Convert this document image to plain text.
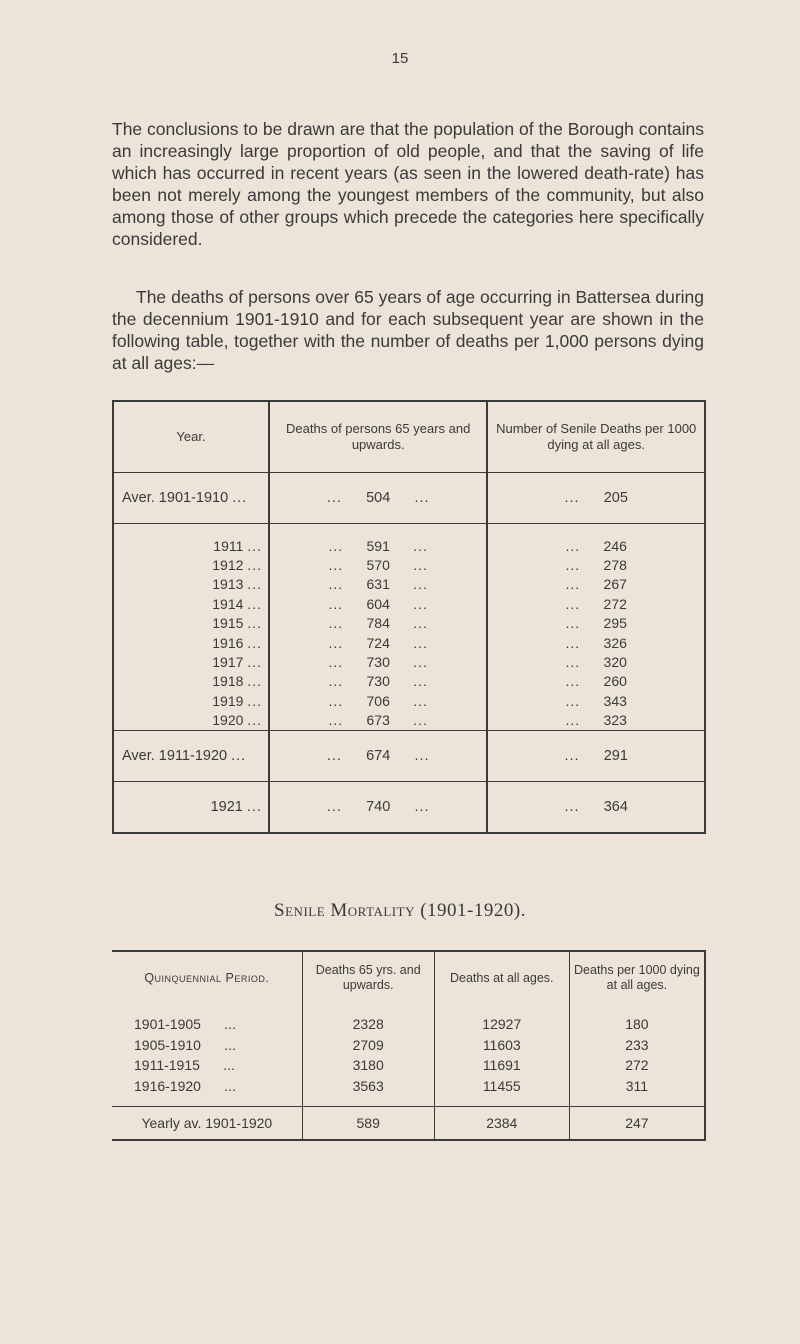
15

The conclusions to be drawn are that the population of the Borough contains an increasingly large proportion of old people, and that the saving of life which has occurred in recent years (as seen in the lowered death-rate) has been not merely among the youngest members of the community, but also among those of other groups which precede the categories here specifically considered.

The deaths of persons over 65 years of age occurring in Battersea during the decennium 1901-1910 and for each subsequent year are shown in the following table, together with the number of deaths per 1,000 persons dying at all ages:—

Year.	Deaths of persons 65 years and upwards.	Number of Senile Deaths per 1000 dying at all ages.
Aver. 1901-1910 ...	... 504 ...	... 205

1911 ...	... 591 ...	... 246
1912 ...	... 570 ...	... 278
1913 ...	... 631 ...	... 267
1914 ...	... 604 ...	... 272
1915 ...	... 784 ...	... 295
1916 ...	... 724 ...	... 326
1917 ...	... 730 ...	... 320
1918 ...	... 730 ...	... 260
1919 ...	... 706 ...	... 343
1920 ...	... 673 ...	... 323
Aver. 1911-1920 ...	... 674 ...	... 291
1921 ...	... 740 ...	... 364
Senile Mortality (1901-1920).
Quinquennial Period.	Deaths 65 yrs. and upwards.	Deaths at all ages.	Deaths per 1000 dying at all ages.

1901-1905      ...	2328	12927	180
1905-1910      ...	2709	11603	233
1911-1915      ...	3180	11691	272
1916-1920      ...	3563	11455	311

Yearly av. 1901-1920	589	2384	247
